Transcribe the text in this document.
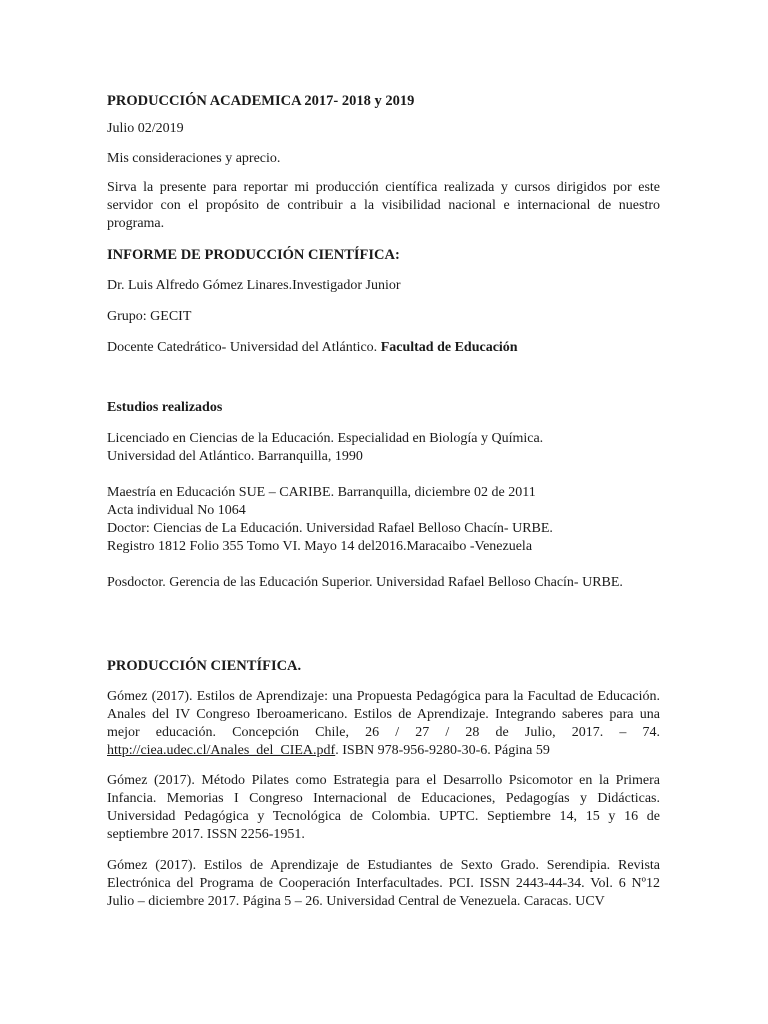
PRODUCCIÓN ACADEMICA 2017- 2018 y 2019

Julio 02/2019

Mis consideraciones y aprecio.

Sirva la presente para reportar mi producción científica realizada y cursos dirigidos por este servidor con el propósito de contribuir a la visibilidad nacional e internacional de nuestro programa.

INFORME DE PRODUCCIÓN CIENTÍFICA:

Dr. Luis Alfredo Gómez Linares.Investigador Junior

Grupo: GECIT

Docente Catedrático- Universidad del Atlántico. Facultad de Educación

Estudios realizados

Licenciado en Ciencias de la Educación. Especialidad en Biología y Química.
Universidad del Atlántico. Barranquilla, 1990

Maestría en Educación SUE – CARIBE. Barranquilla, diciembre 02 de 2011
Acta individual No 1064
Doctor: Ciencias de La Educación. Universidad Rafael Belloso Chacín- URBE.
Registro 1812 Folio 355 Tomo VI. Mayo 14 del2016.Maracaibo -Venezuela

Posdoctor. Gerencia de las Educación Superior. Universidad Rafael Belloso Chacín- URBE.

PRODUCCIÓN CIENTÍFICA.

Gómez (2017). Estilos de Aprendizaje: una Propuesta Pedagógica para la Facultad de Educación. Anales del IV Congreso Iberoamericano. Estilos de Aprendizaje. Integrando saberes para una mejor educación. Concepción Chile, 26 / 27 / 28 de Julio, 2017. – 74. http://ciea.udec.cl/Anales_del_CIEA.pdf. ISBN 978-956-9280-30-6. Página 59

Gómez (2017). Método Pilates como Estrategia para el Desarrollo Psicomotor en la Primera Infancia. Memorias I Congreso Internacional de Educaciones, Pedagogías y Didácticas. Universidad Pedagógica y Tecnológica de Colombia. UPTC. Septiembre 14, 15 y 16 de septiembre 2017. ISSN 2256-1951.

Gómez (2017). Estilos de Aprendizaje de Estudiantes de Sexto Grado. Serendipia. Revista Electrónica del Programa de Cooperación Interfacultades. PCI. ISSN 2443-44-34. Vol. 6 Nº12 Julio – diciembre 2017. Página 5 – 26. Universidad Central de Venezuela. Caracas. UCV
